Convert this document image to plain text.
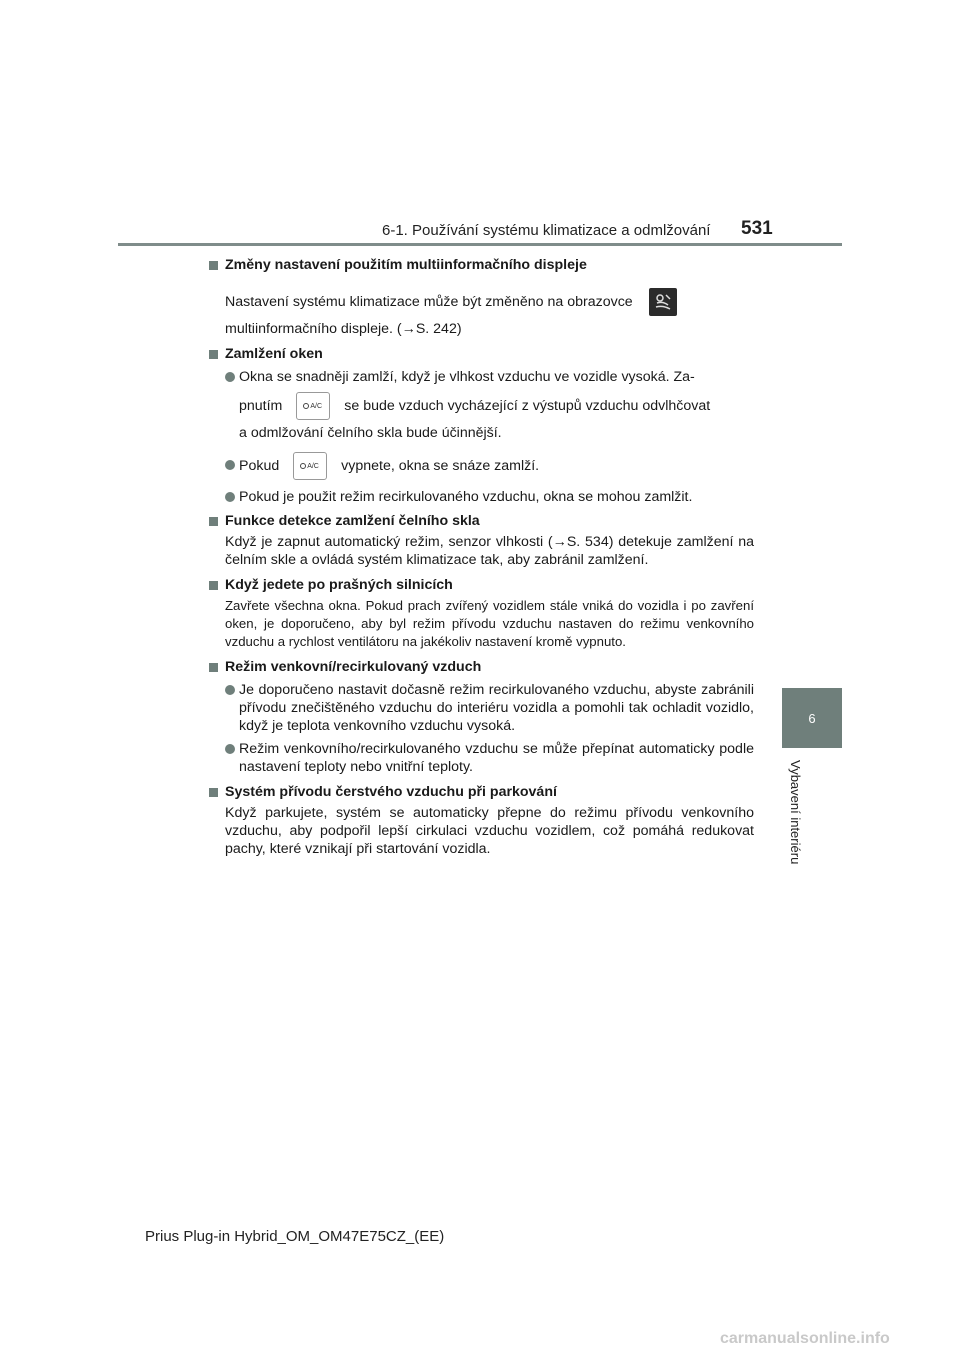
6-1. Používání systému klimatizace a odmlžování 531
6
Vybavení interiéru
Změny nastavení použitím multiinformačního displeje
Nastavení systému klimatizace může být změněno na obrazovce
multiinformačního displeje. (→S. 242)
Zamlžení oken
Okna se snadněji zamlží, když je vlhkost vzduchu ve vozidle vysoká. Za-
pnutím	A/C se bude vzduch vycházející z výstupů vzduchu odvlhčovat
a odmlžování čelního skla bude účinnější.
Pokud	A/C vypnete, okna se snáze zamlží.
Pokud je použit režim recirkulovaného vzduchu, okna se mohou zamlžit.
Funkce detekce zamlžení čelního skla
Když je zapnut automatický režim, senzor vlhkosti (→S. 534) detekuje zamlžení na čelním skle a ovládá systém klimatizace tak, aby zabránil zamlžení.
Když jedete po prašných silnicích
Zavřete všechna okna. Pokud prach zvířený vozidlem stále vniká do vozidla i po zavření oken, je doporučeno, aby byl režim přívodu vzduchu nastaven do režimu venkovního vzduchu a rychlost ventilátoru na jakékoliv nastavení kromě vypnuto.
Režim venkovní/recirkulovaný vzduch
Je doporučeno nastavit dočasně režim recirkulovaného vzduchu, abyste zabránili přívodu znečištěného vzduchu do interiéru vozidla a pomohli tak ochladit vozidlo, když je teplota venkovního vzduchu vysoká.
Režim venkovního/recirkulovaného vzduchu se může přepínat automaticky podle nastavení teploty nebo vnitřní teploty.
Systém přívodu čerstvého vzduchu při parkování
Když parkujete, systém se automaticky přepne do režimu přívodu venkovního vzduchu, aby podpořil lepší cirkulaci vzduchu vozidlem, což pomáhá redukovat pachy, které vznikají při startování vozidla.
Prius Plug-in Hybrid_OM_OM47E75CZ_(EE)
carmanualsonline.info
